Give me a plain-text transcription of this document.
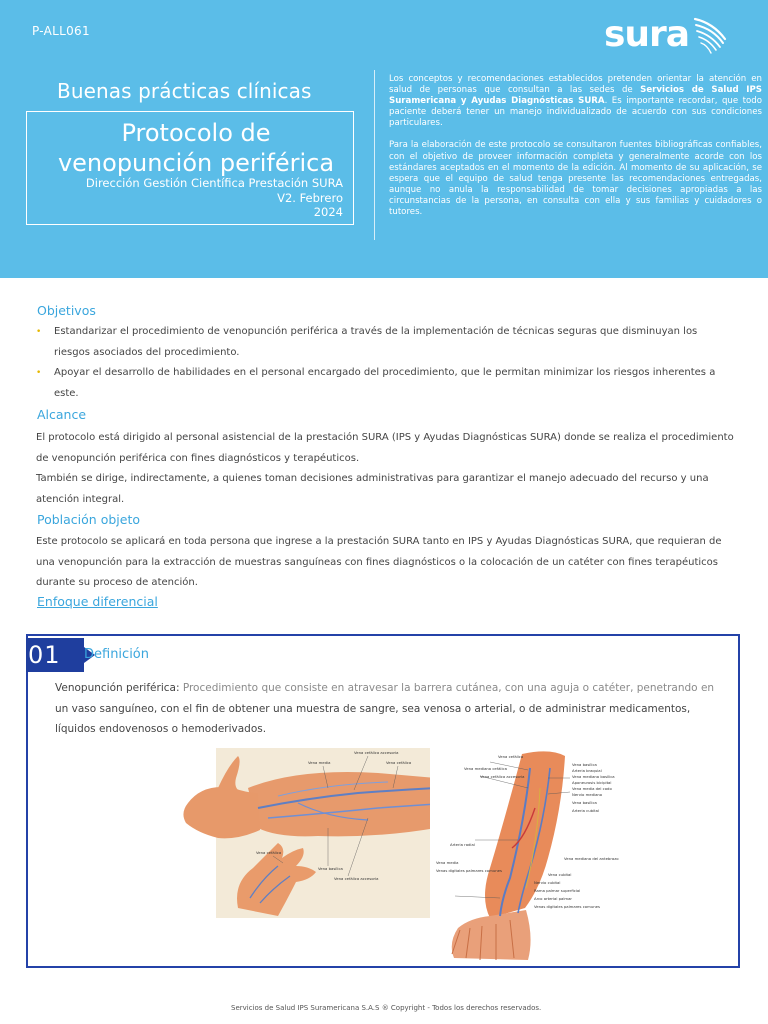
P-ALL061	sura
Buenas prácticas clínicas
Protocolo de venopunción periférica
Dirección Gestión Científica Prestación SURA
V2. Febrero
2024

Los conceptos y recomendaciones establecidos pretenden orientar la atención en salud de personas que consultan a las sedes de Servicios de Salud IPS Suramericana y Ayudas Diagnósticas SURA. Es importante recordar, que todo paciente deberá tener un manejo individualizado de acuerdo con sus condiciones particulares.

Para la elaboración de este protocolo se consultaron fuentes bibliográficas confiables, con el objetivo de proveer información completa y generalmente acorde con los estándares aceptados en el momento de la edición. Al momento de su aplicación, se espera que el equipo de salud tenga presente las recomendaciones entregadas, aunque no anula la responsabilidad de tomar decisiones apropiadas a las circunstancias de la persona, en consulta con ella y sus familias y cuidadores o tutores.

Objetivos
• Estandarizar el procedimiento de venopunción periférica a través de la implementación de técnicas seguras que disminuyan los riesgos asociados del procedimiento.
• Apoyar el desarrollo de habilidades en el personal encargado del procedimiento, que le permitan minimizar los riesgos inherentes a este.
Alcance
El protocolo está dirigido al personal asistencial de la prestación SURA (IPS y Ayudas Diagnósticas SURA) donde se realiza el procedimiento de venopunción periférica con fines diagnósticos y terapéuticos.
También se dirige, indirectamente, a quienes toman decisiones administrativas para garantizar el manejo adecuado del recurso y una atención integral.
Población objeto
Este protocolo se aplicará en toda persona que ingrese a la prestación SURA tanto en IPS y Ayudas Diagnósticas SURA, que requieran de una venopunción para la extracción de muestras sanguíneas con fines diagnósticos o la colocación de un catéter con fines terapéuticos durante su proceso de atención.
Enfoque diferencial
01 Definición
Venopunción periférica: Procedimiento que consiste en atravesar la barrera cutánea, con una aguja o catéter, penetrando en un vaso sanguíneo, con el fin de obtener una muestra de sangre, sea venosa o arterial, o de administrar medicamentos, líquidos endovenosos o hemoderivados.
Vena cefálica accesoria
Vena media	Vena cefálica
Vena cefálica
Vena basílica
Vena cefálica accesoria
Vena cefálica
Vena mediana cefálica
Vena cefálica accesoria
Vena basílica
Arteria braquial
Vena mediana basílica
Aponeurosis bicipital
Vena media del codo
Nervio mediano
Vena basílica
Arteria cubital
Arteria radial
Vena mediana del antebrazo
Vena cubital
Vena media
Venas digitales palmares comunes
Nervio cubital
Rama palmar superficial
Arco arterial palmar
Venas digitales palmares comunes
Servicios de Salud IPS Suramericana S.A.S ® Copyright - Todos los derechos reservados.
